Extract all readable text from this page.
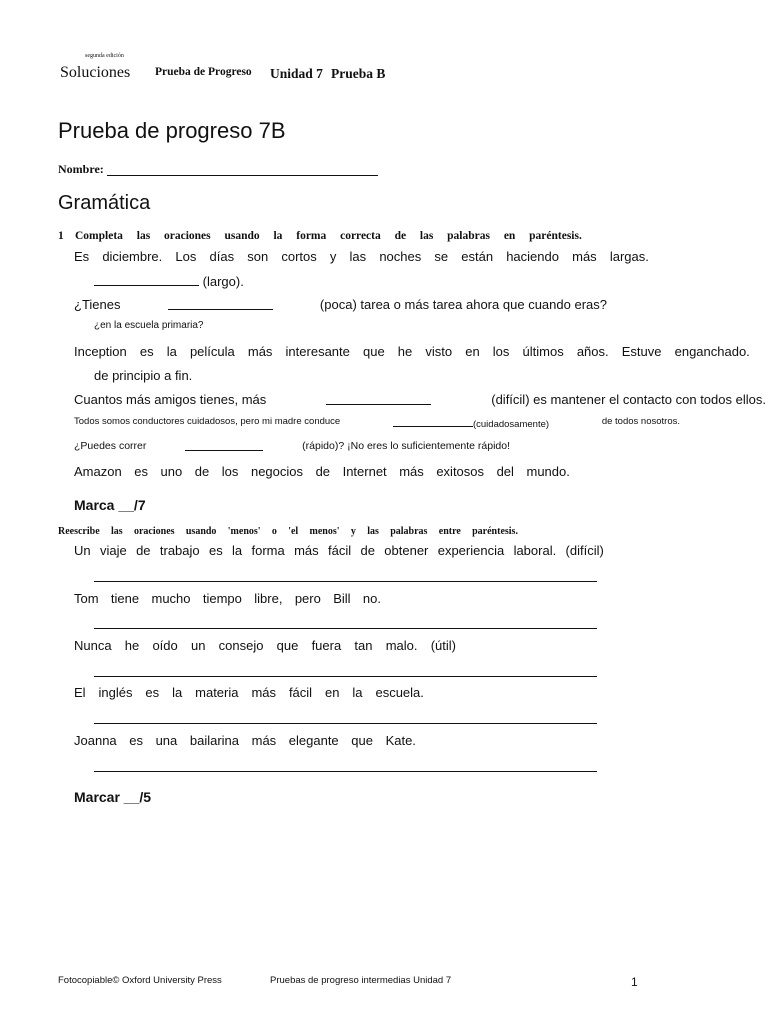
segunda edición
Soluciones Prueba de Progreso Unidad 7 Prueba B
Prueba de progreso 7B
Nombre:
Gramática
1 Completa las oraciones usando la forma correcta de las palabras en paréntesis.
Es diciembre. Los días son cortos y las noches se están haciendo más largas.
(largo).
¿Tienes	(poca) tarea o más tarea ahora que cuando eras?
¿en la escuela primaria?
Inception es la película más interesante que he visto en los últimos años. Estuve enganchado.
de principio a fin.
Cuantos más amigos tienes, más	(difícil) es mantener el contacto con todos ellos.
Todos somos conductores cuidadosos, pero mi madre conduce	(cuidadosamente)	de todos nosotros.
¿Puedes correr	(rápido)? ¡No eres lo suficientemente rápido!
Amazon es uno de los negocios de Internet más exitosos del mundo.
Marca __/7
Reescribe las oraciones usando 'menos' o 'el menos' y las palabras entre paréntesis.
Un viaje de trabajo es la forma más fácil de obtener experiencia laboral. (difícil)
Tom tiene mucho tiempo libre, pero Bill no.
Nunca he oído un consejo que fuera tan malo. (útil)
El inglés es la materia más fácil en la escuela.
Joanna es una bailarina más elegante que Kate.
Marcar __/5
Fotocopiable© Oxford University Press	Pruebas de progreso intermedias Unidad 7	1
